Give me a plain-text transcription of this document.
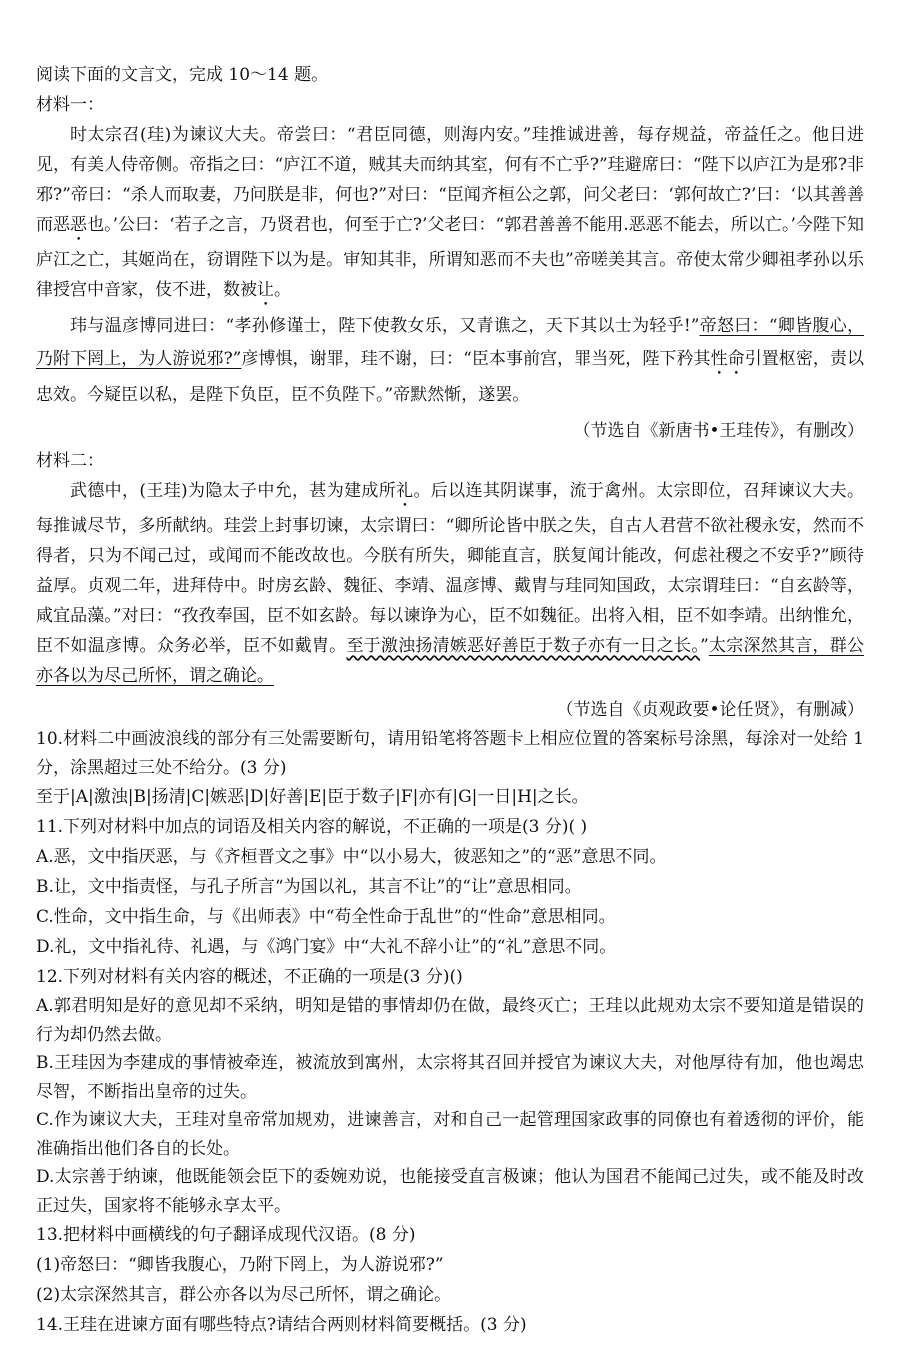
阅读下面的文言文，完成 10～14 题。
材料一：
时太宗召(珪)为谏议大夫。帝尝曰：“君臣同德，则海内安。”珪推诚进善，每存规益，帝益任之。他日进见，有美人侍帝侧。帝指之曰：“庐江不道，贼其夫而纳其室，何有不亡乎?”珪避席曰：“陛下以庐江为是邪?非邪?”帝曰：“杀人而取妻，乃问朕是非，何也?”对曰：“臣闻齐桓公之郭，问父老曰：‘郭何故亡?’曰：‘以其善善而恶恶也。’公曰：‘若子之言，乃贤君也，何至于亡?’父老曰：“郭君善善不能用.恶恶不能去，所以亡。’今陛下知庐江之亡，其姬尚在，窃谓陛下以为是。审知其非，所谓知恶而不夫也”帝嗟美其言。帝使太常少卿祖孝孙以乐律授宫中音家，伎不进，数被让。
玮与温彦博同进曰：“孝孙修谨士，陛下使教女乐，又青谯之，天下其以士为轻乎!”帝怒曰：“卿皆腹心，乃附下罔上，为人游说邪?”彦博惧，谢罪，珪不谢，曰：“臣本事前宫，罪当死，陛下矜其性命引置枢密，责以忠效。今疑臣以私，是陛下负臣，臣不负陛下。”帝默然惭，遂罢。
（节选自《新唐书•王珪传》，有删改）
材料二：
武德中，(王珪)为隐太子中允，甚为建成所礼。后以连其阴谋事，流于禽州。太宗即位，召拜谏议大夫。每推诚尽节，多所献纳。珪尝上封事切谏，太宗谓曰：“卿所论皆中朕之失，自古人君营不欲社稷永安，然而不得者，只为不闻己过，或闻而不能改故也。今朕有所失，卿能直言，朕复闻计能改，何虑社稷之不安乎?”顾待益厚。贞观二年，进拜侍中。时房玄龄、魏征、李靖、温彦博、戴胄与珪同知国政，太宗谓珪曰：“自玄龄等，咸宜品藻。”对曰：“孜孜奉国，臣不如玄龄。每以谏诤为心，臣不如魏征。出将入相，臣不如李靖。出纳惟允，臣不如温彦博。众务必举，臣不如戴胄。至于激浊扬清嫉恶好善臣于数子亦有一日之长。”太宗深然其言，群公亦各以为尽己所怀，谓之确论。
（节选自《贞观政要•论任贤》，有删减）
10.材料二中画波浪线的部分有三处需要断句，请用铅笔将答题卡上相应位置的答案标号涂黑，每涂对一处给 1 分，涂黑超过三处不给分。(3 分)
至于|A|激浊|B|扬清|C|嫉恶|D|好善|E|臣于数子|F|亦有|G|一日|H|之长。
11.下列对材料中加点的词语及相关内容的解说，不正确的一项是(3 分)( )
A.恶，文中指厌恶，与《齐桓晋文之事》中“以小易大，彼恶知之”的“恶”意思不同。
B.让，文中指责怪，与孔子所言“为国以礼，其言不让”的“让”意思相同。
C.性命，文中指生命，与《出师表》中“苟全性命于乱世”的“性命”意思相同。
D.礼，文中指礼待、礼遇，与《鸿门宴》中“大礼不辞小让”的“礼”意思不同。
12.下列对材料有关内容的概述，不正确的一项是(3 分)()
A.郭君明知是好的意见却不采纳，明知是错的事情却仍在做，最终灭亡；王珪以此规劝太宗不要知道是错误的行为却仍然去做。
B.王珪因为李建成的事情被牵连，被流放到寓州，太宗将其召回并授官为谏议大夫，对他厚待有加，他也竭忠尽智，不断指出皇帝的过失。
C.作为谏议大夫，王珪对皇帝常加规劝，进谏善言，对和自己一起管理国家政事的同僚也有着透彻的评价，能准确指出他们各自的长处。
D.太宗善于纳谏，他既能领会臣下的委婉劝说，也能接受直言极谏；他认为国君不能闻己过失，或不能及时改正过失，国家将不能够永享太平。
13.把材料中画横线的句子翻译成现代汉语。(8 分)
(1)帝怒曰：“卿皆我腹心，乃附下罔上，为人游说邪?”
(2)太宗深然其言，群公亦各以为尽己所怀，谓之确论。
14.王珪在进谏方面有哪些特点?请结合两则材料简要概括。(3 分)
